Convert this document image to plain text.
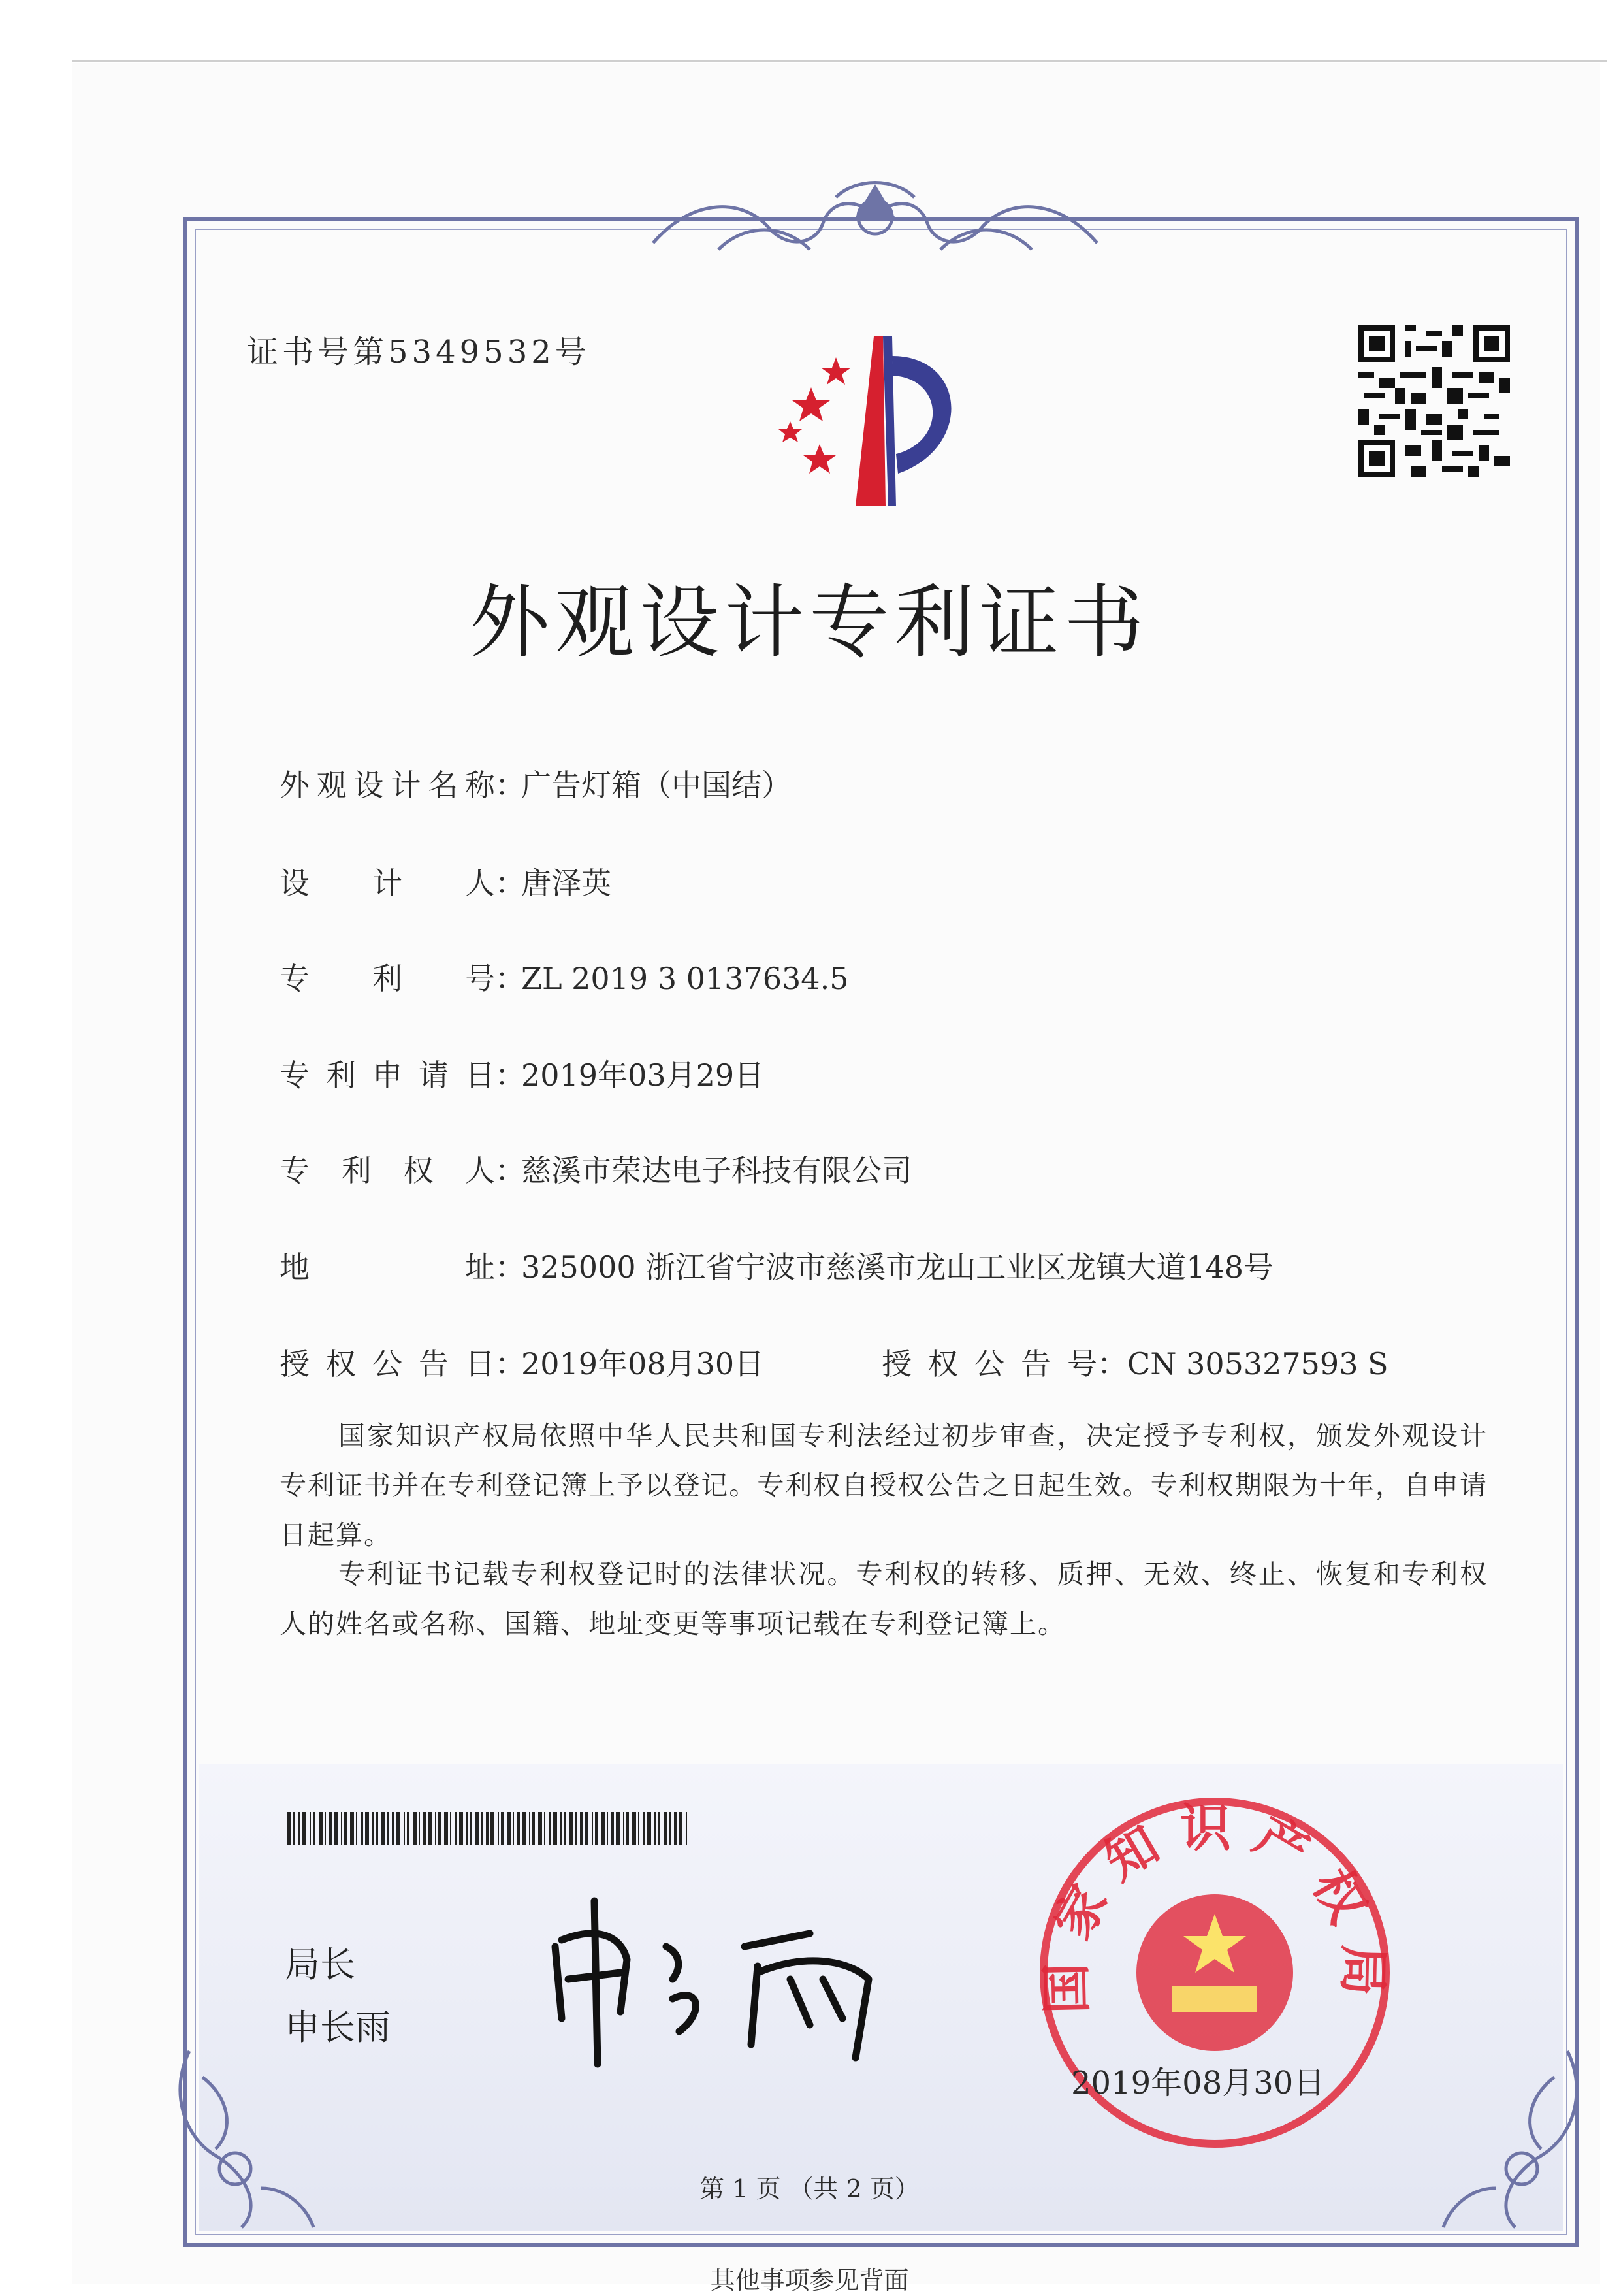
证书号第5349532号
外观设计专利证书
外观设计名称：广告灯箱（中国结）
设计人：唐泽英
专利号：ZL 2019 3 0137634.5
专利申请日：2019年03月29日
专利权人：慈溪市荣达电子科技有限公司
地址：325000 浙江省宁波市慈溪市龙山工业区龙镇大道148号
授权公告日：2019年08月30日	授权公告号：CN 305327593 S
国家知识产权局依照中华人民共和国专利法经过初步审查，决定授予专利权，颁发外观设计专利证书并在专利登记簿上予以登记。专利权自授权公告之日起生效。专利权期限为十年，自申请日起算。
专利证书记载专利权登记时的法律状况。专利权的转移、质押、无效、终止、恢复和专利权人的姓名或名称、国籍、地址变更等事项记载在专利登记簿上。
局长
申长雨
国家知识产权局
2019年08月30日
第 1 页 （共 2 页）
其他事项参见背面
